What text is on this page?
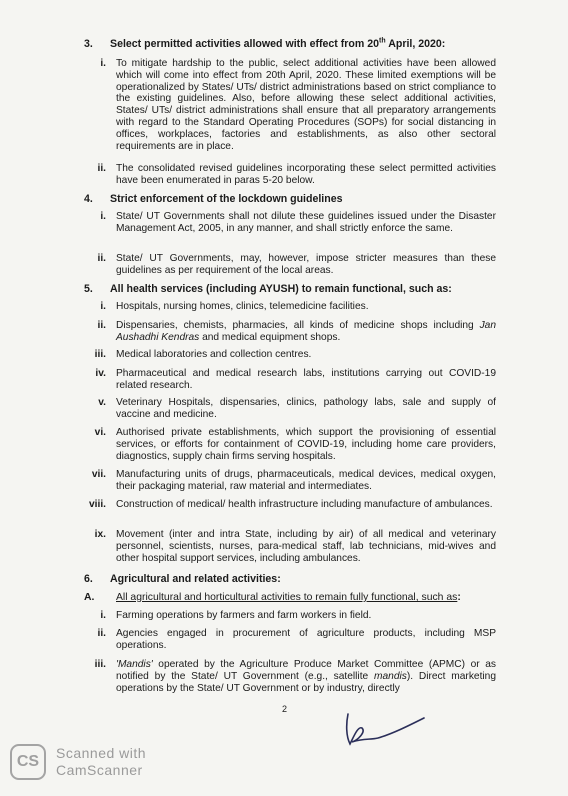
3.	Select permitted activities allowed with effect from 20th April, 2020:
i. To mitigate hardship to the public, select additional activities have been allowed which will come into effect from 20th April, 2020. These limited exemptions will be operationalized by States/ UTs/ district administrations based on strict compliance to the existing guidelines. Also, before allowing these select additional activities, States/ UTs/ district administrations shall ensure that all preparatory arrangements with regard to the Standard Operating Procedures (SOPs) for social distancing in offices, workplaces, factories and establishments, as also other sectoral requirements are in place.
ii. The consolidated revised guidelines incorporating these select permitted activities have been enumerated in paras 5-20 below.
4.	Strict enforcement of the lockdown guidelines
i. State/ UT Governments shall not dilute these guidelines issued under the Disaster Management Act, 2005, in any manner, and shall strictly enforce the same.
ii. State/ UT Governments, may, however, impose stricter measures than these guidelines as per requirement of the local areas.
5.	All health services (including AYUSH) to remain functional, such as:
i. Hospitals, nursing homes, clinics, telemedicine facilities.
ii. Dispensaries, chemists, pharmacies, all kinds of medicine shops including Jan Aushadhi Kendras and medical equipment shops.
iii. Medical laboratories and collection centres.
iv. Pharmaceutical and medical research labs, institutions carrying out COVID-19 related research.
v. Veterinary Hospitals, dispensaries, clinics, pathology labs, sale and supply of vaccine and medicine.
vi. Authorised private establishments, which support the provisioning of essential services, or efforts for containment of COVID-19, including home care providers, diagnostics, supply chain firms serving hospitals.
vii. Manufacturing units of drugs, pharmaceuticals, medical devices, medical oxygen, their packaging material, raw material and intermediates.
viii. Construction of medical/ health infrastructure including manufacture of ambulances.
ix. Movement (inter and intra State, including by air) of all medical and veterinary personnel, scientists, nurses, para-medical staff, lab technicians, mid-wives and other hospital support services, including ambulances.
6.	Agricultural and related activities:
A.	All agricultural and horticultural activities to remain fully functional, such as:
i. Farming operations by farmers and farm workers in field.
ii. Agencies engaged in procurement of agriculture products, including MSP operations.
iii. 'Mandis' operated by the Agriculture Produce Market Committee (APMC) or as notified by the State/ UT Government (e.g., satellite mandis). Direct marketing operations by the State/ UT Government or by industry, directly
2
CS	Scanned with
CamScanner
